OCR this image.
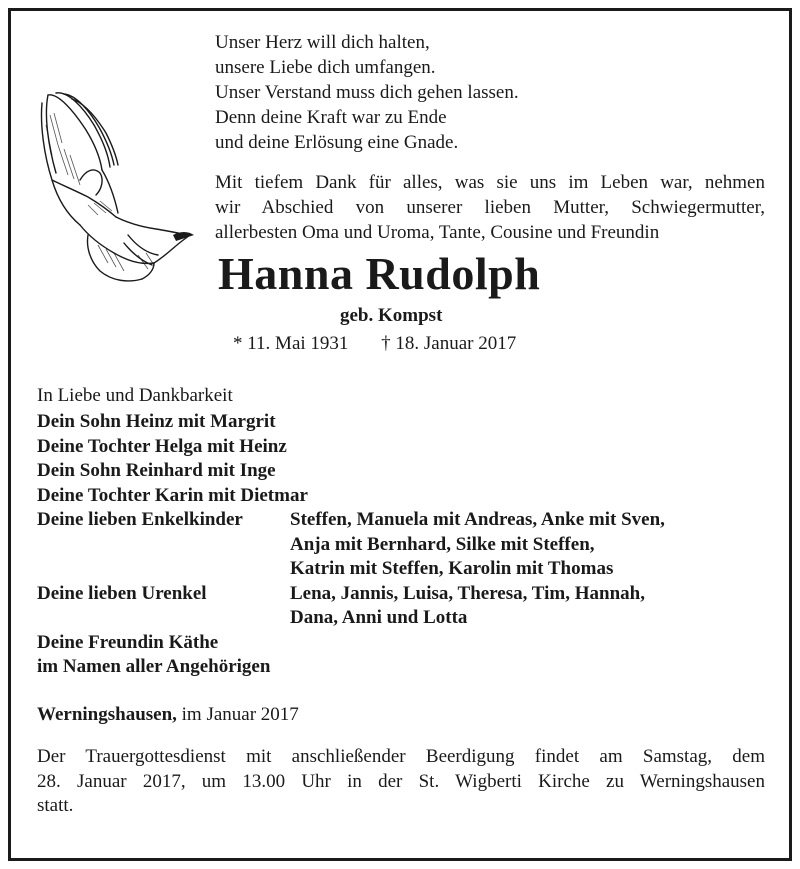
Unser Herz will dich halten,
unsere Liebe dich umfangen.
Unser Verstand muss dich gehen lassen.
Denn deine Kraft war zu Ende
und deine Erlösung eine Gnade.
Mit tiefem Dank für alles, was sie uns im Leben war, nehmen
wir Abschied von unserer lieben Mutter, Schwiegermutter,
allerbesten Oma und Uroma, Tante, Cousine und Freundin
Hanna Rudolph
geb. Kompst
* 11. Mai 1931 † 18. Januar 2017
In Liebe und Dankbarkeit
Dein Sohn Heinz mit Margrit
Deine Tochter Helga mit Heinz
Dein Sohn Reinhard mit Inge
Deine Tochter Karin mit Dietmar
Deine lieben Enkelkinder	Steffen, Manuela mit Andreas, Anke mit Sven,
Anja mit Bernhard, Silke mit Steffen,
Katrin mit Steffen, Karolin mit Thomas
Deine lieben Urenkel	Lena, Jannis, Luisa, Theresa, Tim, Hannah,
Dana, Anni und Lotta
Deine Freundin Käthe
im Namen aller Angehörigen
Werningshausen, im Januar 2017
Der Trauergottesdienst mit anschließender Beerdigung findet am Samstag, dem
28. Januar 2017, um 13.00 Uhr in der St. Wigberti Kirche zu Werningshausen
statt.
